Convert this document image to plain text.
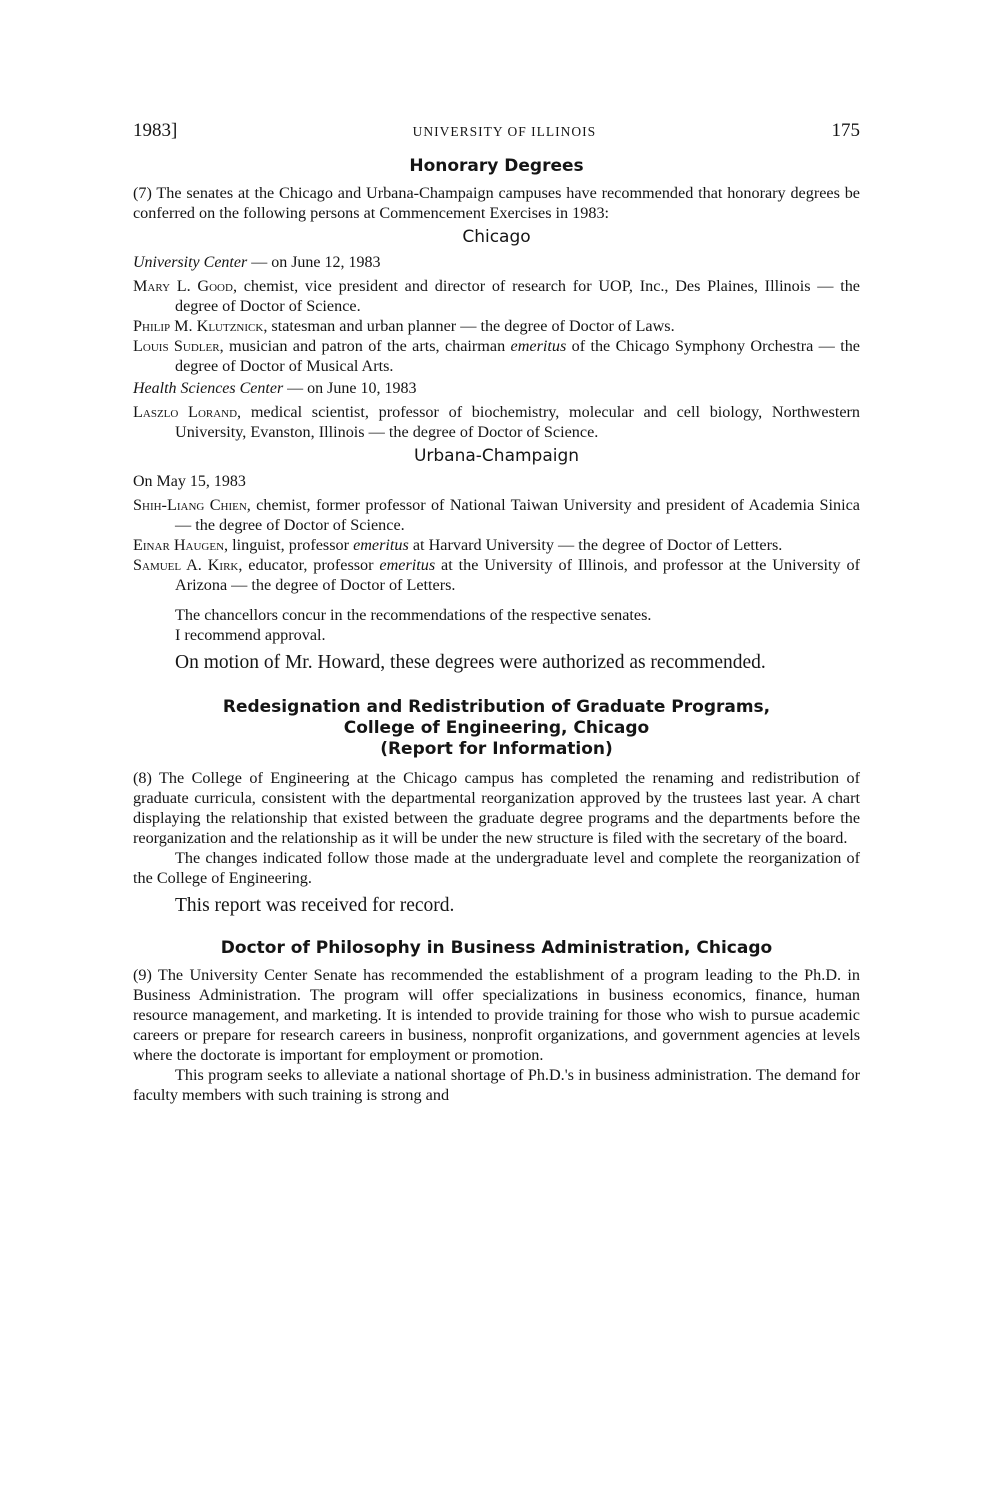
1983]	UNIVERSITY OF ILLINOIS	175
Honorary Degrees

(7) The senates at the Chicago and Urbana-Champaign campuses have recommended that honorary degrees be conferred on the following persons at Commencement Exercises in 1983:

Chicago
University Center — on June 12, 1983

Mary L. Good, chemist, vice president and director of research for UOP, Inc., Des Plaines, Illinois — the degree of Doctor of Science.

Philip M. Klutznick, statesman and urban planner — the degree of Doctor of Laws.

Louis Sudler, musician and patron of the arts, chairman emeritus of the Chicago Symphony Orchestra — the degree of Doctor of Musical Arts.

Health Sciences Center — on June 10, 1983

Laszlo Lorand, medical scientist, professor of biochemistry, molecular and cell biology, Northwestern University, Evanston, Illinois — the degree of Doctor of Science.

Urbana-Champaign
On May 15, 1983

Shih-Liang Chien, chemist, former professor of National Taiwan University and president of Academia Sinica — the degree of Doctor of Science.

Einar Haugen, linguist, professor emeritus at Harvard University — the degree of Doctor of Letters.

Samuel A. Kirk, educator, professor emeritus at the University of Illinois, and professor at the University of Arizona — the degree of Doctor of Letters.

The chancellors concur in the recommendations of the respective senates.

I recommend approval.

On motion of Mr. Howard, these degrees were authorized as recommended.

Redesignation and Redistribution of Graduate Programs,
College of Engineering, Chicago
(Report for Information)

(8) The College of Engineering at the Chicago campus has completed the renaming and redistribution of graduate curricula, consistent with the departmental reorganization approved by the trustees last year. A chart displaying the relationship that existed between the graduate degree programs and the departments before the reorganization and the relationship as it will be under the new structure is filed with the secretary of the board.

The changes indicated follow those made at the undergraduate level and complete the reorganization of the College of Engineering.

This report was received for record.

Doctor of Philosophy in Business Administration, Chicago

(9) The University Center Senate has recommended the establishment of a program leading to the Ph.D. in Business Administration. The program will offer specializations in business economics, finance, human resource management, and marketing. It is intended to provide training for those who wish to pursue academic careers or prepare for research careers in business, nonprofit organizations, and government agencies at levels where the doctorate is important for employment or promotion.

This program seeks to alleviate a national shortage of Ph.D.'s in business administration. The demand for faculty members with such training is strong and
